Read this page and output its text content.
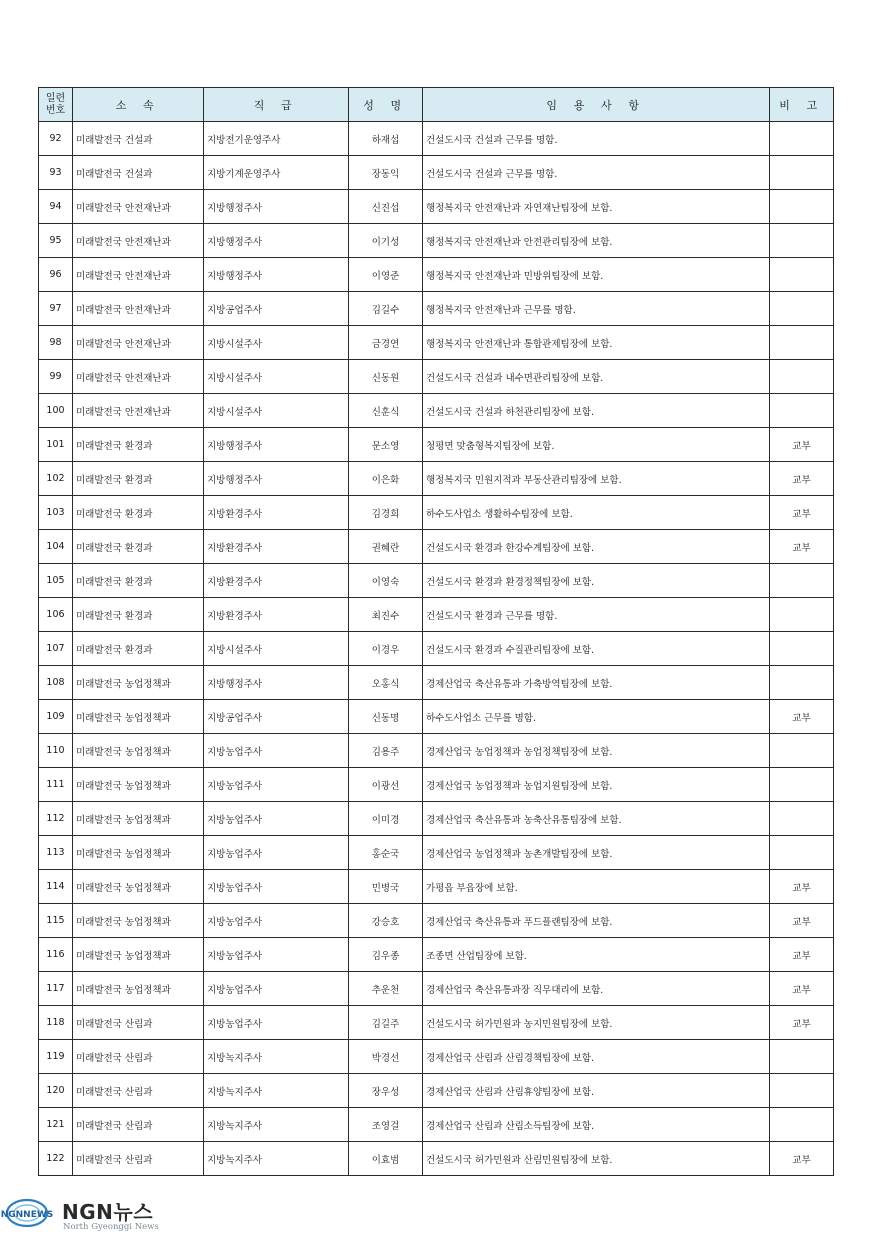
일련
번호	소 속	직 급	성 명	임 용 사 항	비 고
92	미래발전국 건설과	지방전기운영주사	하재섭	건설도시국 건설과 근무를 명함.	
93	미래발전국 건설과	지방기계운영주사	장동익	건설도시국 건설과 근무를 명함.	
94	미래발전국 안전재난과	지방행정주사	신진섭	행정복지국 안전재난과 자연재난팀장에 보함.	
95	미래발전국 안전재난과	지방행정주사	이기성	행정복지국 안전재난과 안전관리팀장에 보함.	
96	미래발전국 안전재난과	지방행정주사	이영준	행정복지국 안전재난과 민방위팀장에 보함.	
97	미래발전국 안전재난과	지방공업주사	김길수	행정복지국 안전재난과 근무를 명함.	
98	미래발전국 안전재난과	지방시설주사	금경연	행정복지국 안전재난과 통합관제팀장에 보함.	
99	미래발전국 안전재난과	지방시설주사	신동원	건설도시국 건설과 내수면관리팀장에 보함.	
100	미래발전국 안전재난과	지방시설주사	신훈식	건설도시국 건설과 하천관리팀장에 보함.	
101	미래발전국 환경과	지방행정주사	문소영	청평면 맞춤형복지팀장에 보함.	교부
102	미래발전국 환경과	지방행정주사	이은화	행정복지국 민원지적과 부동산관리팀장에 보함.	교부
103	미래발전국 환경과	지방환경주사	김경희	하수도사업소 생활하수팀장에 보함.	교부
104	미래발전국 환경과	지방환경주사	권혜란	건설도시국 환경과 한강수계팀장에 보함.	교부
105	미래발전국 환경과	지방환경주사	이영숙	건설도시국 환경과 환경정책팀장에 보함.	
106	미래발전국 환경과	지방환경주사	최진수	건설도시국 환경과 근무를 명함.	
107	미래발전국 환경과	지방시설주사	이경우	건설도시국 환경과 수질관리팀장에 보함.	
108	미래발전국 농업정책과	지방행정주사	오홍식	경제산업국 축산유통과 가축방역팀장에 보함.	
109	미래발전국 농업정책과	지방공업주사	신동명	하수도사업소 근무를 명함.	교부
110	미래발전국 농업정책과	지방농업주사	김용주	경제산업국 농업정책과 농업정책팀장에 보함.	
111	미래발전국 농업정책과	지방농업주사	이광선	경제산업국 농업정책과 농업지원팀장에 보함.	
112	미래발전국 농업정책과	지방농업주사	이미경	경제산업국 축산유통과 농축산유통팀장에 보함.	
113	미래발전국 농업정책과	지방농업주사	홍순국	경제산업국 농업정책과 농촌개발팀장에 보함.	
114	미래발전국 농업정책과	지방농업주사	민병국	가평읍 부읍장에 보함.	교부
115	미래발전국 농업정책과	지방농업주사	강승호	경제산업국 축산유통과 푸드플랜팀장에 보함.	교부
116	미래발전국 농업정책과	지방농업주사	김우종	조종면 산업팀장에 보함.	교부
117	미래발전국 농업정책과	지방농업주사	추운천	경제산업국 축산유통과장 직무대리에 보함.	교부
118	미래발전국 산림과	지방농업주사	김길주	건설도시국 허가민원과 농지민원팀장에 보함.	교부
119	미래발전국 산림과	지방녹지주사	박경선	경제산업국 산림과 산림경책팀장에 보함.	
120	미래발전국 산림과	지방녹지주사	장우성	경제산업국 산림과 산림휴양팀장에 보함.	
121	미래발전국 산림과	지방녹지주사	조영걸	경제산업국 산림과 산림소득팀장에 보함.	
122	미래발전국 산림과	지방녹지주사	이효범	건설도시국 허가민원과 산림민원팀장에 보함.	교부
NGNNEWS NGN뉴스
North Gyeonggi News
